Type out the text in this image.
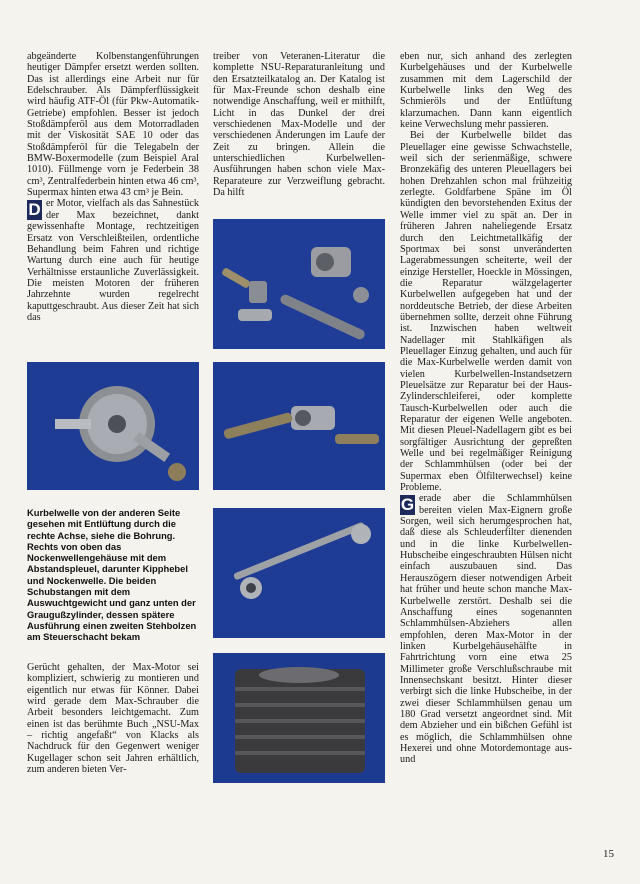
abgeänderte Kolbenstangenführungen heutiger Dämpfer ersetzt werden sollten. Das ist allerdings eine Arbeit nur für Edelschrauber. Als Dämpferflüssigkeit wird häufig ATF-Öl (für Pkw-Automatik-Getriebe) empfohlen. Besser ist jedoch Stoßdämpferöl aus dem Motorradladen mit der Viskosität SAE 10 oder das Stoßdämpferöl für die Telegabeln der BMW-Boxermodelle (zum Beispiel Aral 1010). Füllmenge vorn je Federbein 38 cm³, Zentralfederbein hinten etwa 46 cm³, Supermax hinten etwa 43 cm³ je Bein.

D er Motor, vielfach als das Sahnestück der Max bezeichnet, dankt gewissenhafte Montage, rechtzeitigen Ersatz von Verschleißteilen, ordentliche Behandlung beim Fahren und richtige Wartung durch eine auch für heutige Verhältnisse erstaunliche Zuverlässigkeit. Die meisten Motoren der früheren Jahrzehnte wurden regelrecht kaputtgeschraubt. Aus dieser Zeit hat sich das

Kurbelwelle von der anderen Seite gesehen mit Entlüftung durch die rechte Achse, siehe die Bohrung. Rechts von oben das Nockenwellengehäuse mit dem Abstandspleuel, darunter Kipphebel und Nockenwelle. Die beiden Schubstangen mit dem Auswuchtgewicht und ganz unten der Graugußzylinder, dessen spätere Ausführung einen zweiten Stehbolzen am Steuerschacht bekam

Gerücht gehalten, der Max-Motor sei kompliziert, schwierig zu montieren und eigentlich nur etwas für Könner. Dabei wird gerade dem Max-Schrauber die Arbeit besonders leichtgemacht. Zum einen ist das berühmte Buch „NSU-Max – richtig angefaßt“ von Klacks als Nachdruck für den Gegenwert weniger Kugellager schon seit Jahren erhältlich, zum anderen bieten Ver-

treiber von Veteranen-Literatur die komplette NSU-Reparaturanleitung und den Ersatzteilkatalog an. Der Katalog ist für Max-Freunde schon deshalb eine notwendige Anschaffung, weil er mithilft, Licht in das Dunkel der drei verschiedenen Max-Modelle und der verschiedenen Änderungen im Laufe der Zeit zu bringen. Allein die unterschiedlichen Kurbelwellen-Ausführungen haben schon viele Max-Reparateure zur Verzweiflung gebracht. Da hilft

eben nur, sich anhand des zerlegten Kurbelgehäuses und der Kurbelwelle zusammen mit dem Lagerschild der Kurbelwelle links den Weg des Schmieröls und der Entlüftung klarzumachen. Dann kann eigentlich keine Verwechslung mehr passieren.

Bei der Kurbelwelle bildet das Pleuellager eine gewisse Schwachstelle, weil sich der serienmäßige, schwere Bronzekäfig des unteren Pleuellagers bei hohen Drehzahlen schon mal frühzeitig zerlegte. Goldfarbene Späne im Öl kündigten den bevorstehenden Exitus der Welle immer viel zu spät an. Der in früheren Jahren naheliegende Ersatz durch den Leichtmetallkäfig der Sportmax bei sonst unveränderten Lagerabmessungen scheiterte, weil der einzige Hersteller, Hoeckle in Mössingen, die Reparatur wälzgelagerter Kurbelwellen aufgegeben hat und der norddeutsche Betrieb, der diese Arbeiten übernehmen sollte, derzeit ohne Führung ist. Inzwischen haben weltweit Nadellager mit Stahlkäfigen als Pleuellager Einzug gehalten, und auch für die Max-Kurbelwelle werden damit von vielen Kurbelwellen-Instandsetzern Pleuelsätze zur Reparatur bei der Haus-Zylinderschleiferei, oder komplette Tausch-Kurbelwellen oder auch die Reparatur der eigenen Welle angeboten. Mit diesen Pleuel-Nadellagern gibt es bei sorgfältiger Ausrichtung der gepreßten Welle und bei regelmäßiger Reinigung der Schlammhülsen (oder bei der Supermax eben Ölfilterwechsel) keine Probleme.

G erade aber die Schlammhülsen bereiten vielen Max-Eignern große Sorgen, weil sich herumgesprochen hat, daß diese als Schleuderfilter dienenden und in die linke Kurbelwellen-Hubscheibe eingeschraubten Hülsen nicht einfach auszubauen sind. Das Herauszögern dieser notwendigen Arbeit hat früher und heute schon manche Max-Kurbelwelle zerstört. Deshalb sei die Anschaffung eines sogenannten Schlammhülsen-Abziehers allen empfohlen, deren Max-Motor in der linken Kurbelgehäusehälfte in Fahrtrichtung vorn eine etwa 25 Millimeter große Verschlußschraube mit Innensechskant besitzt. Hinter dieser verbirgt sich die linke Hubscheibe, in der zwei dieser Schlammhülsen genau um 180 Grad versetzt angeordnet sind. Mit dem Abzieher und ein bißchen Gefühl ist es möglich, die Schlammhülsen ohne Hexerei und ohne Motordemontage aus- und

15
